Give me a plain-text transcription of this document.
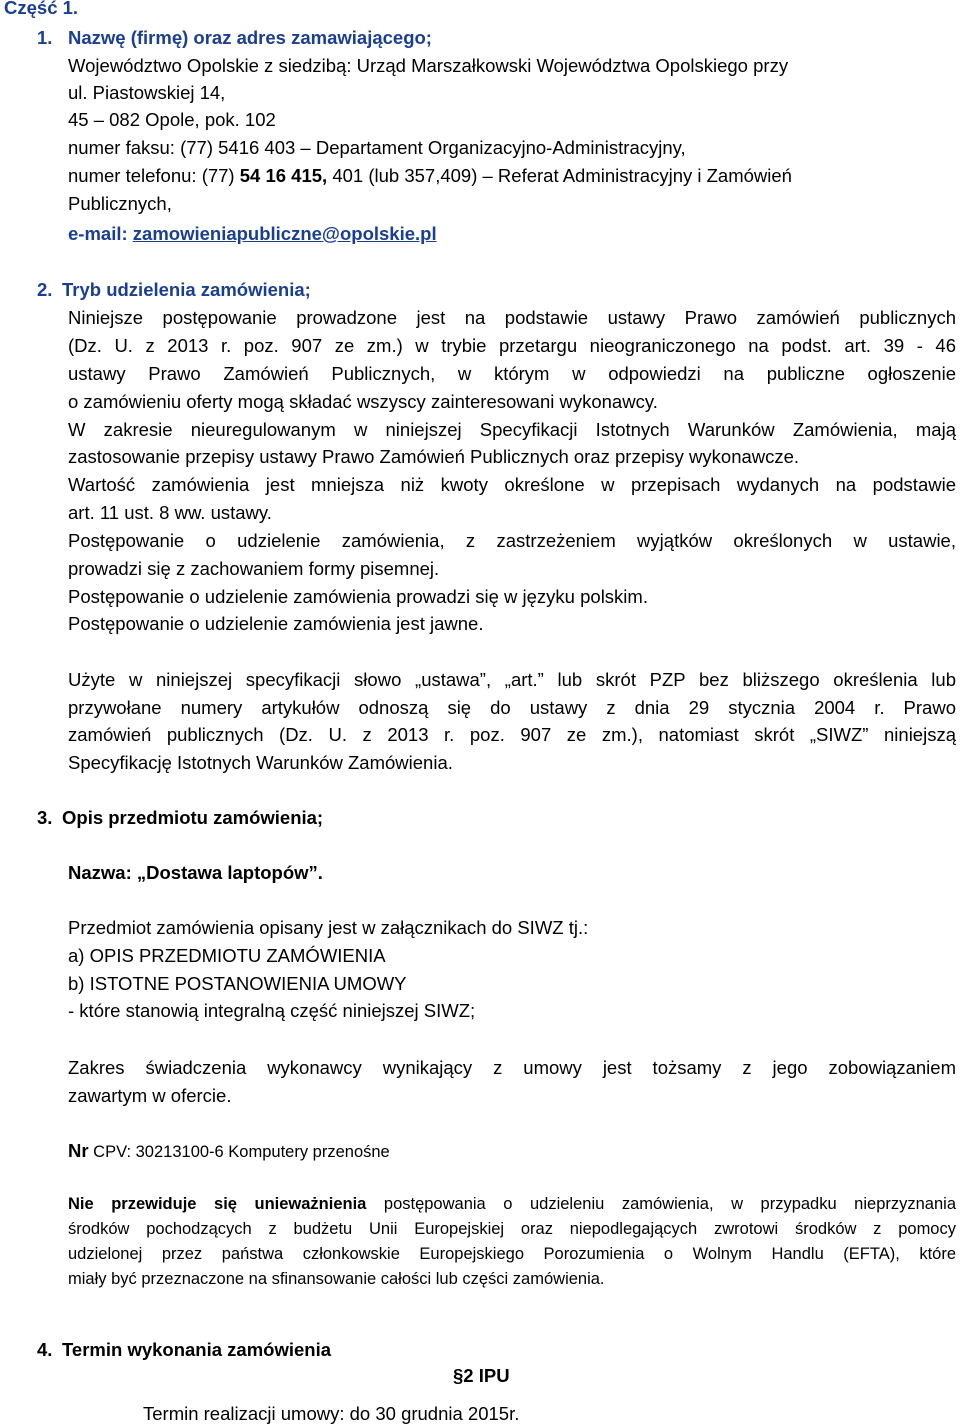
Część 1.
1. Nazwę (firmę) oraz adres zamawiającego;
Województwo Opolskie z siedzibą: Urząd Marszałkowski Województwa Opolskiego przy
ul. Piastowskiej 14,
45 – 082 Opole, pok. 102
numer faksu: (77) 5416 403 – Departament Organizacyjno-Administracyjny,
numer telefonu: (77) 54 16 415, 401 (lub 357,409) – Referat Administracyjny i Zamówień
Publicznych,
e-mail: zamowieniapubliczne@opolskie.pl
2. Tryb udzielenia zamówienia;
Niniejsze postępowanie prowadzone jest na podstawie ustawy Prawo zamówień publicznych
(Dz. U. z 2013 r. poz. 907 ze zm.) w trybie przetargu nieograniczonego na podst. art. 39 - 46
ustawy Prawo Zamówień Publicznych, w którym w odpowiedzi na publiczne ogłoszenie
o zamówieniu oferty mogą składać wszyscy zainteresowani wykonawcy.
W zakresie nieuregulowanym w niniejszej Specyfikacji Istotnych Warunków Zamówienia, mają
zastosowanie przepisy ustawy Prawo Zamówień Publicznych oraz przepisy wykonawcze.
Wartość zamówienia jest mniejsza niż kwoty określone w przepisach wydanych na podstawie
art. 11 ust. 8 ww. ustawy.
Postępowanie o udzielenie zamówienia, z zastrzeżeniem wyjątków określonych w ustawie,
prowadzi się z zachowaniem formy pisemnej.
Postępowanie o udzielenie zamówienia prowadzi się w języku polskim.
Postępowanie o udzielenie zamówienia jest jawne.
Użyte w niniejszej specyfikacji słowo „ustawa”, „art.” lub skrót PZP bez bliższego określenia lub
przywołane numery artykułów odnoszą się do ustawy z dnia 29 stycznia 2004 r. Prawo
zamówień publicznych (Dz. U. z 2013 r. poz. 907 ze zm.), natomiast skrót „SIWZ” niniejszą
Specyfikację Istotnych Warunków Zamówienia.
3. Opis przedmiotu zamówienia;
Nazwa: „Dostawa laptopów”.
Przedmiot zamówienia opisany jest w załącznikach do SIWZ tj.:
a) OPIS PRZEDMIOTU ZAMÓWIENIA
b) ISTOTNE POSTANOWIENIA UMOWY
- które stanowią integralną część niniejszej SIWZ;
Zakres świadczenia wykonawcy wynikający z umowy jest tożsamy z jego zobowiązaniem
zawartym w ofercie.
Nr CPV: 30213100-6 Komputery przenośne
Nie przewiduje się unieważnienia postępowania o udzieleniu zamówienia, w przypadku nieprzyznania
środków pochodzących z budżetu Unii Europejskiej oraz niepodlegających zwrotowi środków z pomocy
udzielonej przez państwa członkowskie Europejskiego Porozumienia o Wolnym Handlu (EFTA), które
miały być przeznaczone na sfinansowanie całości lub części zamówienia.
4. Termin wykonania zamówienia
§2 IPU
Termin realizacji umowy: do 30 grudnia 2015r.
